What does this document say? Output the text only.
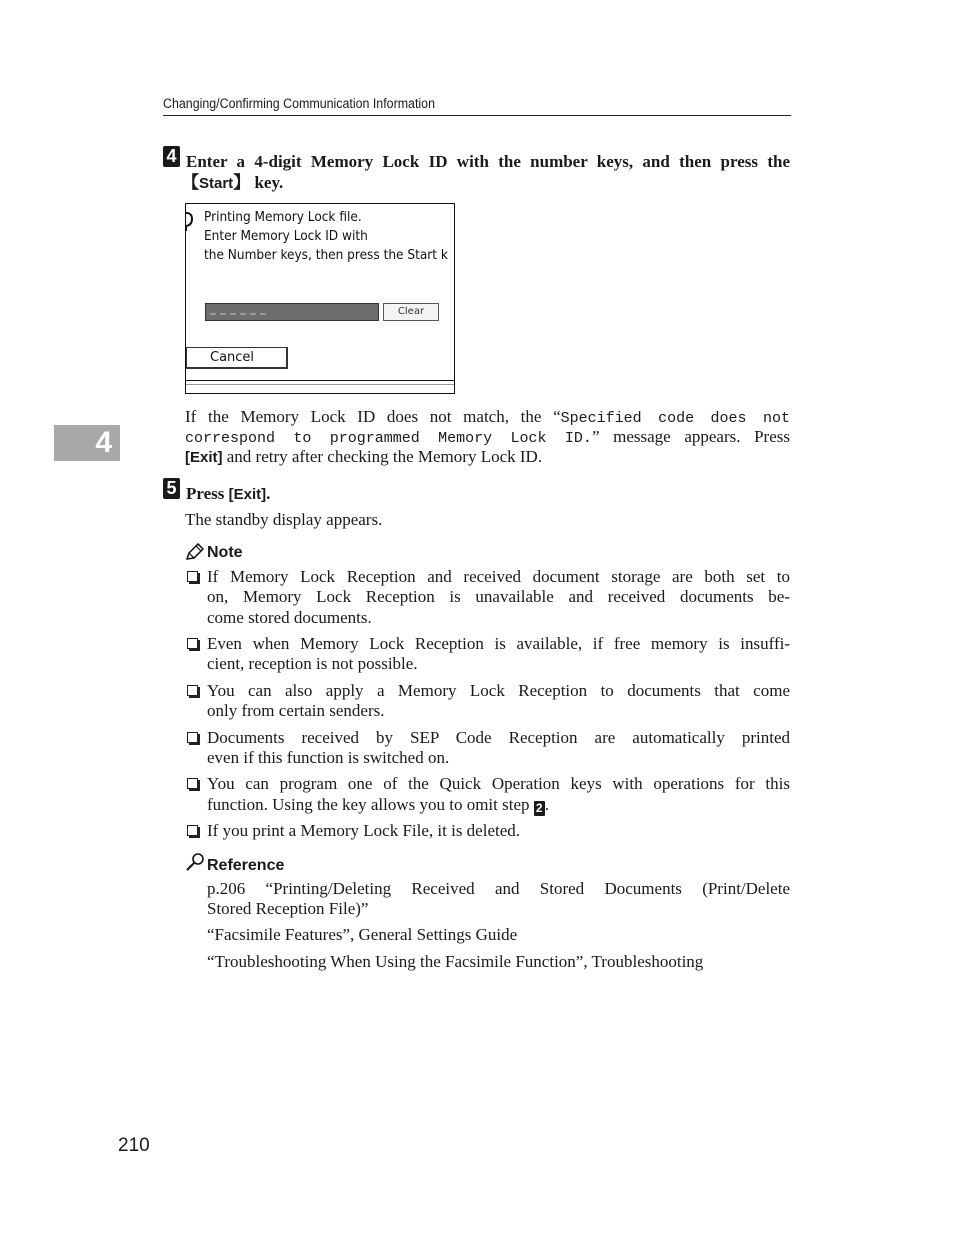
Changing/Confirming Communication Information
4
4 Enter a 4-digit Memory Lock ID with the number keys, and then press the
【Start】 key.
Printing Memory Lock file.
Enter Memory Lock ID with
the Number keys, then press the Start k
Clear
Cancel
If the Memory Lock ID does not match, the “Specified code does not
correspond to programmed Memory Lock ID.” message appears. Press
[Exit] and retry after checking the Memory Lock ID.
5 Press [Exit].
The standby display appears.
Note
If Memory Lock Reception and received document storage are both set to
on, Memory Lock Reception is unavailable and received documents be-
come stored documents.
Even when Memory Lock Reception is available, if free memory is insuffi-
cient, reception is not possible.
You can also apply a Memory Lock Reception to documents that come
only from certain senders.
Documents received by SEP Code Reception are automatically printed
even if this function is switched on.
You can program one of the Quick Operation keys with operations for this
function. Using the key allows you to omit step 2 .
If you print a Memory Lock File, it is deleted.
Reference
p.206 “Printing/Deleting Received and Stored Documents (Print/Delete
Stored Reception File)”
“Facsimile Features”, General Settings Guide
“Troubleshooting When Using the Facsimile Function”, Troubleshooting
210
